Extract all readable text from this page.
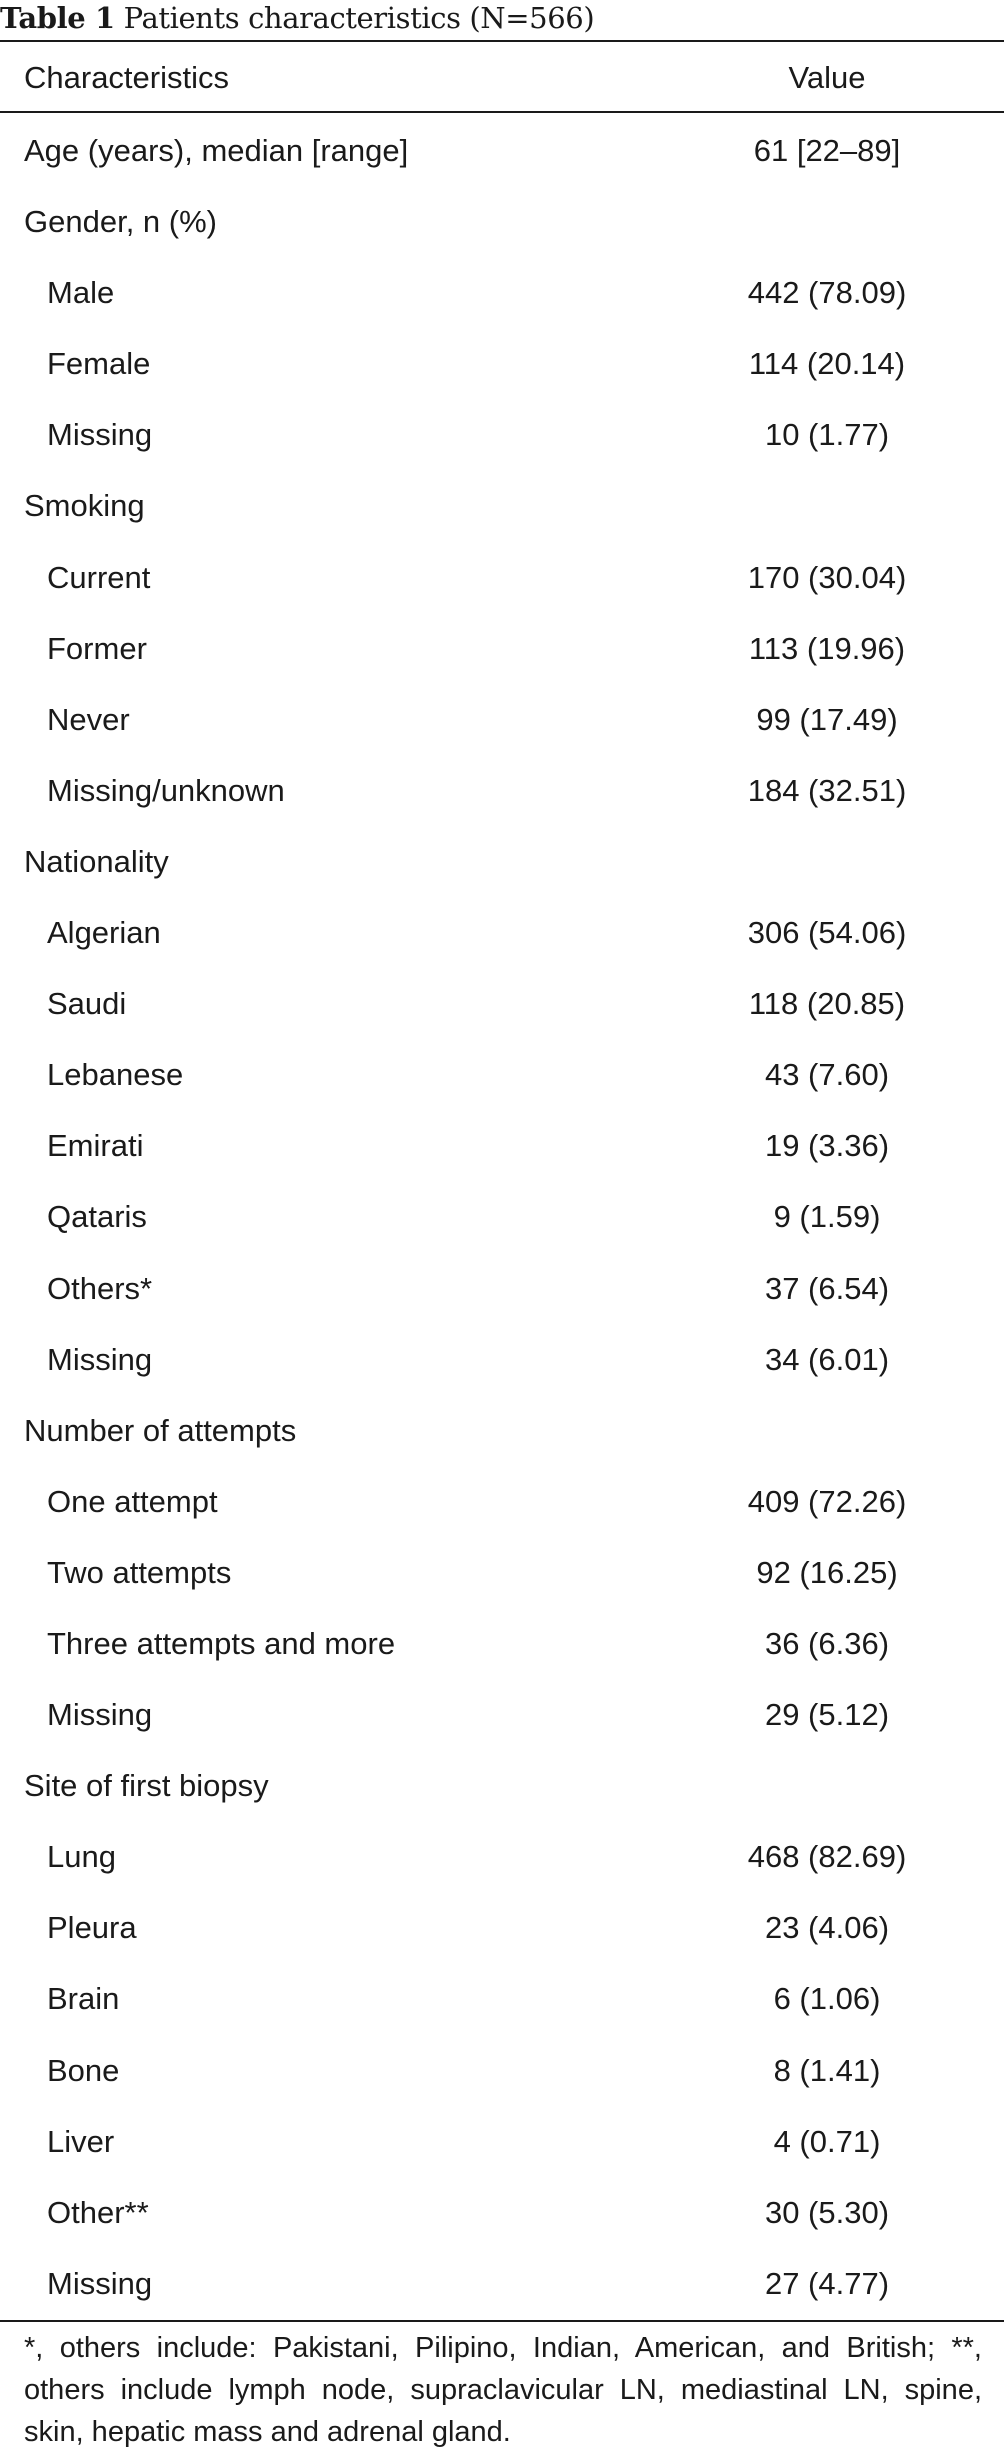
Table 1 Patients characteristics (N=566)
Characteristics	Value
Age (years), median [range]	61 [22–89]
Gender, n (%)
Male	442 (78.09)
Female	114 (20.14)
Missing	10 (1.77)
Smoking
Current	170 (30.04)
Former	113 (19.96)
Never	99 (17.49)
Missing/unknown	184 (32.51)
Nationality
Algerian	306 (54.06)
Saudi	118 (20.85)
Lebanese	43 (7.60)
Emirati	19 (3.36)
Qataris	9 (1.59)
Others*	37 (6.54)
Missing	34 (6.01)
Number of attempts
One attempt	409 (72.26)
Two attempts	92 (16.25)
Three attempts and more	36 (6.36)
Missing	29 (5.12)
Site of first biopsy
Lung	468 (82.69)
Pleura	23 (4.06)
Brain	6 (1.06)
Bone	8 (1.41)
Liver	4 (0.71)
Other**	30 (5.30)
Missing	27 (4.77)
*, others include: Pakistani, Pilipino, Indian, American, and British; **, others include lymph node, supraclavicular LN, mediastinal LN, spine, skin, hepatic mass and adrenal gland.
